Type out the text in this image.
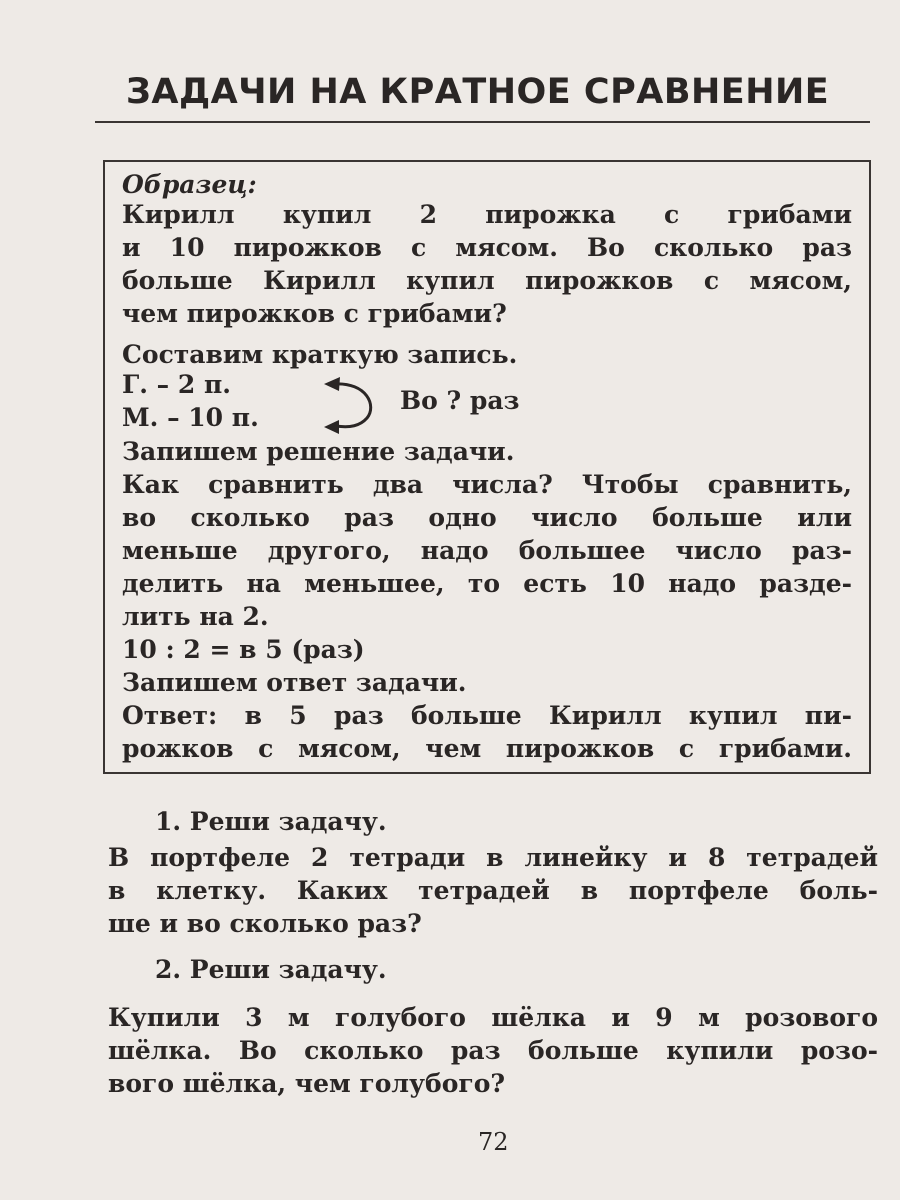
ЗАДАЧИ НА КРАТНОЕ СРАВНЕНИЕ
Образец:
Кирилл купил 2 пирожка с грибами
и 10 пирожков с мясом. Во сколько раз
больше Кирилл купил пирожков с мясом,
чем пирожков с грибами?
Составим краткую запись.
Г. – 2 п.
М. – 10 п.
Во ? раз
Запишем решение задачи.
Как сравнить два числа? Чтобы сравнить,
во сколько раз одно число больше или
меньше другого, надо большее число раз-
делить на меньшее, то есть 10 надо разде-
лить на 2.
10 : 2 = в 5 (раз)
Запишем ответ задачи.
Ответ: в 5 раз больше Кирилл купил пи-
рожков с мясом, чем пирожков с грибами.
1. Реши задачу.
В портфеле 2 тетради в линейку и 8 тетрадей
в клетку. Каких тетрадей в портфеле боль-
ше и во сколько раз?
2. Реши задачу.
Купили 3 м голубого шёлка и 9 м розового
шёлка. Во сколько раз больше купили розо-
вого шёлка, чем голубого?
72
